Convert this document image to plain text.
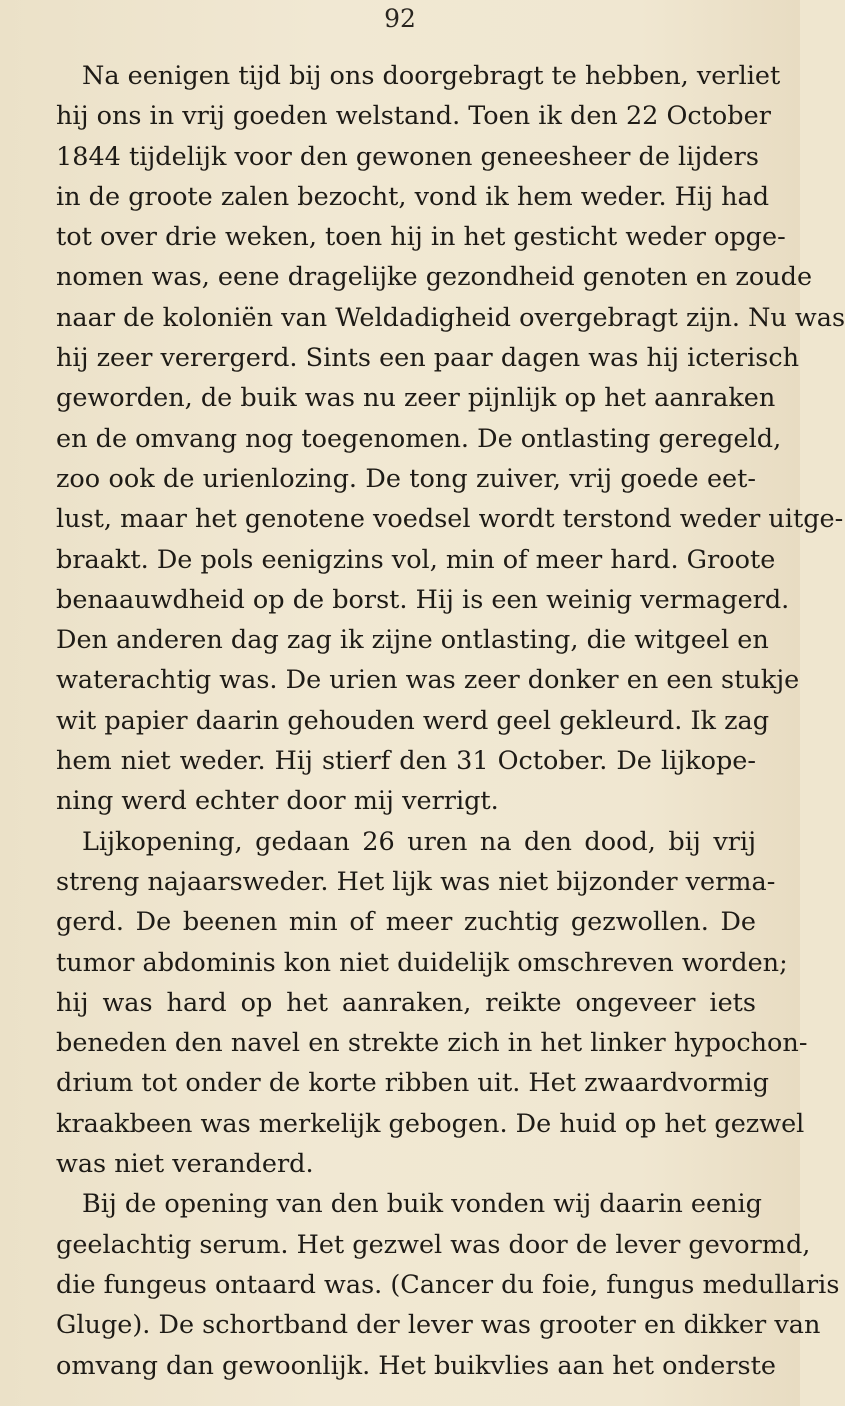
92
Na eenigen tijd bij ons doorgebragt te hebben, verliet
hij ons in vrij goeden welstand. Toen ik den 22 October
1844 tijdelijk voor den gewonen geneesheer de lijders
in de groote zalen bezocht, vond ik hem weder. Hij had
tot over drie weken, toen hij in het gesticht weder opge-
nomen was, eene dragelijke gezondheid genoten en zoude
naar de koloniën van Weldadigheid overgebragt zijn. Nu was
hij zeer verergerd. Sints een paar dagen was hij icterisch
geworden, de buik was nu zeer pijnlijk op het aanraken
en de omvang nog toegenomen. De ontlasting geregeld,
zoo ook de urienlozing. De tong zuiver, vrij goede eet-
lust, maar het genotene voedsel wordt terstond weder uitge-
braakt. De pols eenigzins vol, min of meer hard. Groote
benaauwdheid op de borst. Hij is een weinig vermagerd.
Den anderen dag zag ik zijne ontlasting, die witgeel en
waterachtig was. De urien was zeer donker en een stukje
wit papier daarin gehouden werd geel gekleurd. Ik zag
hem niet weder. Hij stierf den 31 October. De lijkope-
ning werd echter door mij verrigt.
Lijkopening, gedaan 26 uren na den dood, bij vrij
streng najaarsweder. Het lijk was niet bijzonder verma-
gerd. De beenen min of meer zuchtig gezwollen. De
tumor abdominis kon niet duidelijk omschreven worden;
hij was hard op het aanraken, reikte ongeveer iets
beneden den navel en strekte zich in het linker hypochon-
drium tot onder de korte ribben uit. Het zwaardvormig
kraakbeen was merkelijk gebogen. De huid op het gezwel
was niet veranderd.
Bij de opening van den buik vonden wij daarin eenig
geelachtig serum. Het gezwel was door de lever gevormd,
die fungeus ontaard was. (Cancer du foie, fungus medullaris
Gluge). De schortband der lever was grooter en dikker van
omvang dan gewoonlijk. Het buikvlies aan het onderste
